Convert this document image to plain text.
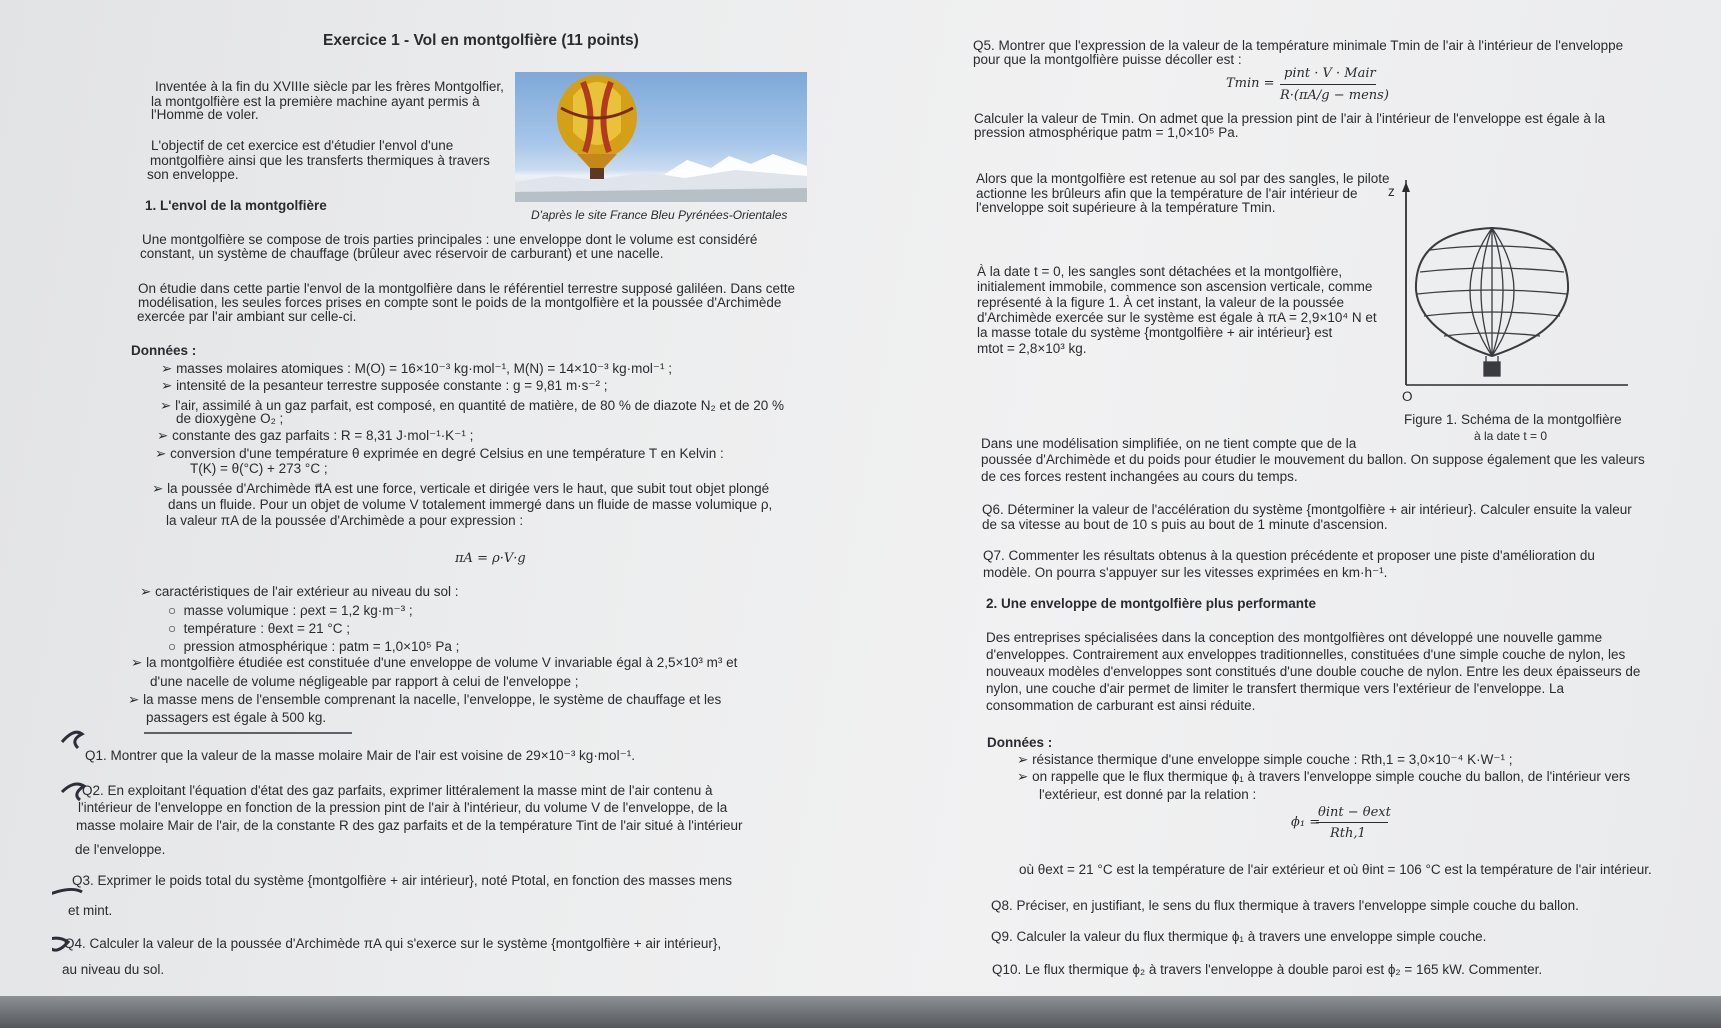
Exercice 1 - Vol en montgolfière (11 points)
Inventée à la fin du XVIIIe siècle par les frères Montgolfier,
la montgolfière est la première machine ayant permis à
l'Homme de voler.
L'objectif de cet exercice est d'étudier l'envol d'une
montgolfière ainsi que les transferts thermiques à travers
son enveloppe.
D'après le site France Bleu Pyrénées-Orientales
1. L'envol de la montgolfière
Une montgolfière se compose de trois parties principales : une enveloppe dont le volume est considéré
constant, un système de chauffage (brûleur avec réservoir de carburant) et une nacelle.
On étudie dans cette partie l'envol de la montgolfière dans le référentiel terrestre supposé galiléen. Dans cette
modélisation, les seules forces prises en compte sont le poids de la montgolfière et la poussée d'Archimède
exercée par l'air ambiant sur celle-ci.
Données :
➢ masses molaires atomiques : M(O) = 16×10⁻³ kg·mol⁻¹, M(N) = 14×10⁻³ kg·mol⁻¹ ;
➢ intensité de la pesanteur terrestre supposée constante : g = 9,81 m·s⁻² ;
➢ l'air, assimilé à un gaz parfait, est composé, en quantité de matière, de 80 % de diazote N₂ et de 20 %
de dioxygène O₂ ;
➢ constante des gaz parfaits : R = 8,31 J·mol⁻¹·K⁻¹ ;
➢ conversion d'une température θ exprimée en degré Celsius en une température T en Kelvin :
T(K) = θ(°C) + 273 °C ;
➢ la poussée d'Archimède π⃗A est une force, verticale et dirigée vers le haut, que subit tout objet plongé
dans un fluide. Pour un objet de volume V totalement immergé dans un fluide de masse volumique ρ,
la valeur πA de la poussée d'Archimède a pour expression :
πA = ρ·V·g
➢ caractéristiques de l'air extérieur au niveau du sol :
○  masse volumique : ρext = 1,2 kg·m⁻³ ;
○  température : θext = 21 °C ;
○  pression atmosphérique : patm = 1,0×10⁵ Pa ;
➢ la montgolfière étudiée est constituée d'une enveloppe de volume V invariable égal à 2,5×10³ m³ et
d'une nacelle de volume négligeable par rapport à celui de l'enveloppe ;
➢ la masse mens de l'ensemble comprenant la nacelle, l'enveloppe, le système de chauffage et les
passagers est égale à 500 kg.
Q1. Montrer que la valeur de la masse molaire Mair de l'air est voisine de 29×10⁻³ kg·mol⁻¹.
Q2. En exploitant l'équation d'état des gaz parfaits, exprimer littéralement la masse mint de l'air contenu à
l'intérieur de l'enveloppe en fonction de la pression pint de l'air à l'intérieur, du volume V de l'enveloppe, de la
masse molaire Mair de l'air, de la constante R des gaz parfaits et de la température Tint de l'air situé à l'intérieur
de l'enveloppe.
Q3. Exprimer le poids total du système {montgolfière + air intérieur}, noté Ptotal, en fonction des masses mens
et mint.
Q4. Calculer la valeur de la poussée d'Archimède πA qui s'exerce sur le système {montgolfière + air intérieur},
au niveau du sol.
Q5. Montrer que l'expression de la valeur de la température minimale Tmin de l'air à l'intérieur de l'enveloppe
pour que la montgolfière puisse décoller est :
Tmin =
pint · V · Mair
R·(πA/g − mens)
Calculer la valeur de Tmin. On admet que la pression pint de l'air à l'intérieur de l'enveloppe est égale à la
pression atmosphérique patm = 1,0×10⁵ Pa.
Alors que la montgolfière est retenue au sol par des sangles, le pilote
actionne les brûleurs afin que la température de l'air intérieur de
l'enveloppe soit supérieure à la température Tmin.
À la date t = 0, les sangles sont détachées et la montgolfière,
initialement immobile, commence son ascension verticale, comme
représenté à la figure 1. À cet instant, la valeur de la poussée
d'Archimède exercée sur le système est égale à πA = 2,9×10⁴ N et
la masse totale du système {montgolfière + air intérieur} est
mtot = 2,8×10³ kg.
z
O
Figure 1. Schéma de la montgolfière
à la date t = 0
Dans une modélisation simplifiée, on ne tient compte que de la
poussée d'Archimède et du poids pour étudier le mouvement du ballon. On suppose également que les valeurs
de ces forces restent inchangées au cours du temps.
Q6. Déterminer la valeur de l'accélération du système {montgolfière + air intérieur}. Calculer ensuite la valeur
de sa vitesse au bout de 10 s puis au bout de 1 minute d'ascension.
Q7. Commenter les résultats obtenus à la question précédente et proposer une piste d'amélioration du
modèle. On pourra s'appuyer sur les vitesses exprimées en km·h⁻¹.
2. Une enveloppe de montgolfière plus performante
Des entreprises spécialisées dans la conception des montgolfières ont développé une nouvelle gamme
d'enveloppes. Contrairement aux enveloppes traditionnelles, constituées d'une simple couche de nylon, les
nouveaux modèles d'enveloppes sont constitués d'une double couche de nylon. Entre les deux épaisseurs de
nylon, une couche d'air permet de limiter le transfert thermique vers l'extérieur de l'enveloppe. La
consommation de carburant est ainsi réduite.
Données :
➢ résistance thermique d'une enveloppe simple couche : Rth,1 = 3,0×10⁻⁴ K·W⁻¹ ;
➢ on rappelle que le flux thermique ϕ₁ à travers l'enveloppe simple couche du ballon, de l'intérieur vers
l'extérieur, est donné par la relation :
ϕ₁ =
θint − θext
Rth,1
où θext = 21 °C est la température de l'air extérieur et où θint = 106 °C est la température de l'air intérieur.
Q8. Préciser, en justifiant, le sens du flux thermique à travers l'enveloppe simple couche du ballon.
Q9. Calculer la valeur du flux thermique ϕ₁ à travers une enveloppe simple couche.
Q10. Le flux thermique ϕ₂ à travers l'enveloppe à double paroi est ϕ₂ = 165 kW. Commenter.
